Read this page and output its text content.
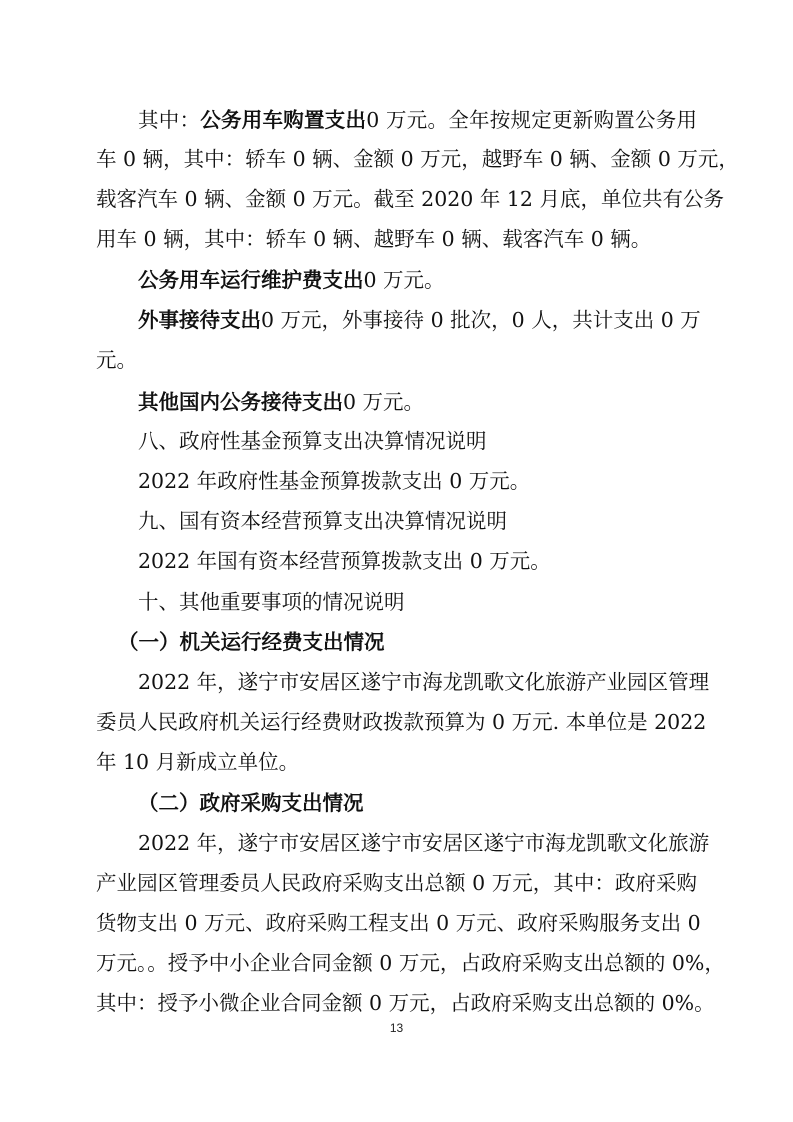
其中：公务用车购置支出0 万元。全年按规定更新购置公务用
车 0 辆，其中：轿车 0 辆、金额 0 万元，越野车 0 辆、金额 0 万元，
载客汽车 0 辆、金额 0 万元。截至 2020 年 12 月底，单位共有公务
用车 0 辆，其中：轿车 0 辆、越野车 0 辆、载客汽车 0 辆。
公务用车运行维护费支出0 万元。
外事接待支出0 万元，外事接待 0 批次，0 人，共计支出 0 万
元。
其他国内公务接待支出0 万元。
八、政府性基金预算支出决算情况说明
2022 年政府性基金预算拨款支出 0 万元。
九、国有资本经营预算支出决算情况说明
2022 年国有资本经营预算拨款支出 0 万元。
十、其他重要事项的情况说明
（一）机关运行经费支出情况
2022 年，遂宁市安居区遂宁市海龙凯歌文化旅游产业园区管理
委员人民政府机关运行经费财政拨款预算为 0 万元. 本单位是 2022
年 10 月新成立单位。
（二）政府采购支出情况
2022 年，遂宁市安居区遂宁市安居区遂宁市海龙凯歌文化旅游
产业园区管理委员人民政府采购支出总额 0 万元，其中：政府采购
货物支出 0 万元、政府采购工程支出 0 万元、政府采购服务支出 0
万元。。授予中小企业合同金额 0 万元，占政府采购支出总额的 0%，
其中：授予小微企业合同金额 0 万元，占政府采购支出总额的 0%。
13
